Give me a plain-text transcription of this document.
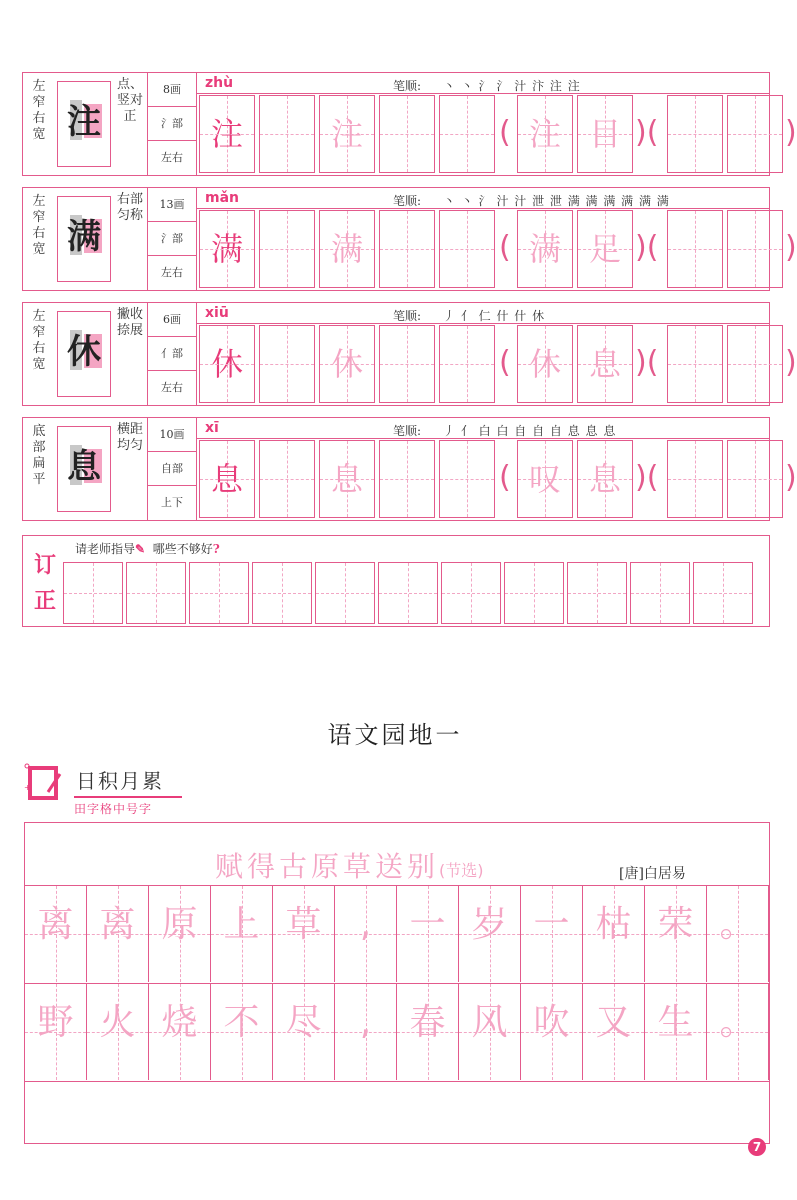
左窄右宽 注
点、竖对正
8画
氵部
左右
zhù	笔顺: 丶 丶 氵 氵 汁 汴 注 注
注	注	( 注 目 )(	)
左窄右宽 满
右部匀称
13画
氵部
左右
mǎn	笔顺: 丶 丶 氵 汁 汁 泄 泄 满 满 满 满 满 满
满	满	( 满 足 )(	)
左窄右宽 休
撇收捺展
6画
亻部
左右
xiū	笔顺: 丿 亻 仁 什 什 休
休	休	( 休 息 )(	)
底部扁平 息
横距均匀
10画
自部
上下
xī	笔顺: 丿 亻 白 白 自 自 自 息 息 息
息	息	( 叹 息 )(	)
订正
请老师指导✎ 哪些不够好?
语文园地一
+ 日积月累
田字格中号字
赋得古原草送别(节选)	[唐]白居易
离 离 原 上 草	,	一 岁 一 枯 荣 。
野 火 烧 不 尽	,	春 风 吹 又 生 。
7
